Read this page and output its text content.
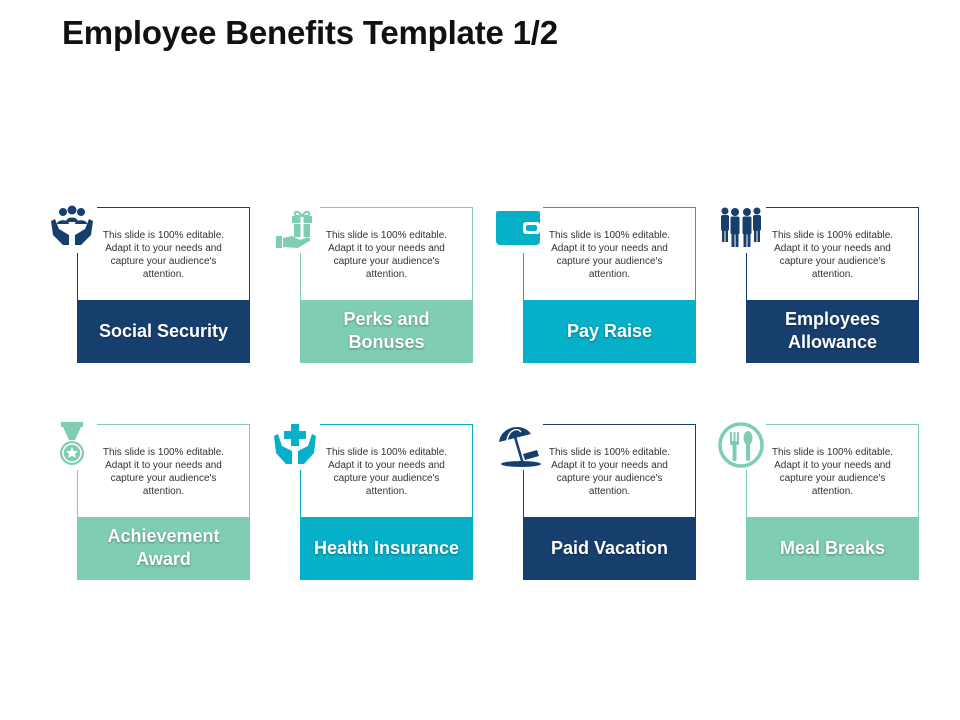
Employee Benefits Template 1/2
This slide is 100% editable. Adapt it to your needs and capture your audience's attention.
Social Security
This slide is 100% editable. Adapt it to your needs and capture your audience's attention.
Perks and Bonuses
This slide is 100% editable. Adapt it to your needs and capture your audience's attention.
Pay Raise
This slide is 100% editable. Adapt it to your needs and capture your audience's attention.
Employees Allowance
This slide is 100% editable. Adapt it to your needs and capture your audience's attention.
Achievement Award
This slide is 100% editable. Adapt it to your needs and capture your audience's attention.
Health Insurance
This slide is 100% editable. Adapt it to your needs and capture your audience's attention.
Paid Vacation
This slide is 100% editable. Adapt it to your needs and capture your audience's attention.
Meal Breaks
